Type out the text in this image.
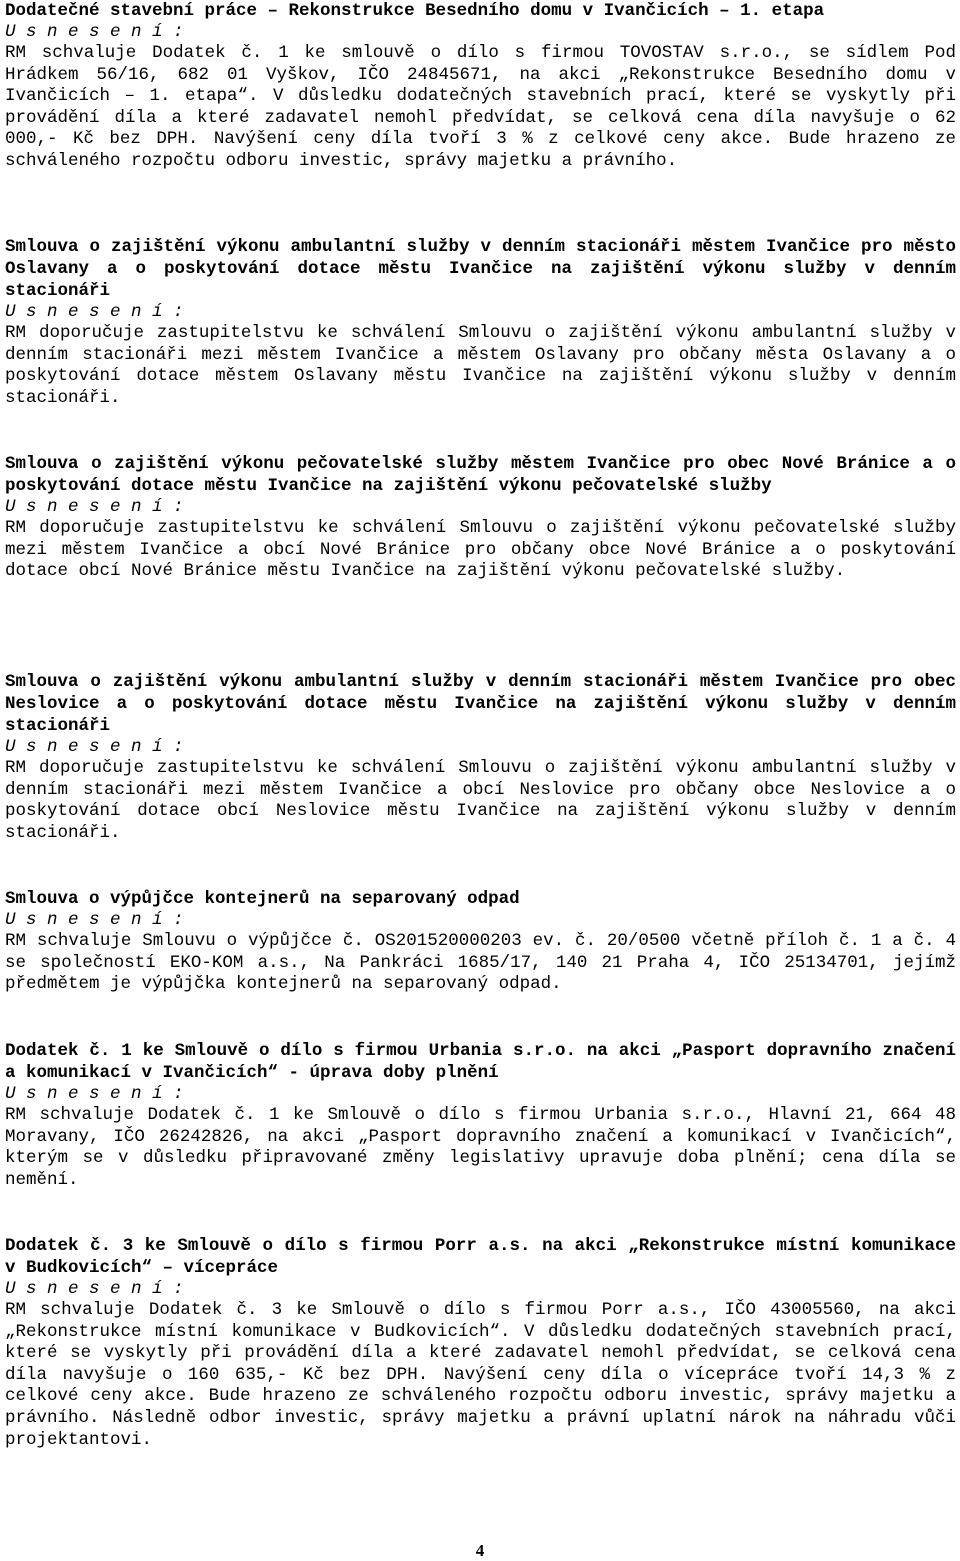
Dodatečné stavební práce – Rekonstrukce Besedního domu v Ivančicích – 1. etapa

U s n e s e n í :

RM schvaluje Dodatek č. 1 ke smlouvě o dílo s firmou TOVOSTAV s.r.o., se sídlem Pod Hrádkem 56/16, 682 01 Vyškov, IČO 24845671, na akci „Rekonstrukce Besedního domu v Ivančicích – 1. etapa“. V důsledku dodatečných stavebních prací, které se vyskytly při provádění díla a které zadavatel nemohl předvídat, se celková cena díla navyšuje o 62 000,- Kč bez DPH. Navýšení ceny díla tvoří 3 % z celkové ceny akce. Bude hrazeno ze schváleného rozpočtu odboru investic, správy majetku a právního.

Smlouva o zajištění výkonu ambulantní služby v denním stacionáři městem Ivančice pro město Oslavany a o poskytování dotace městu Ivančice na zajištění výkonu služby v denním stacionáři

U s n e s e n í :

RM doporučuje zastupitelstvu ke schválení Smlouvu o zajištění výkonu ambulantní služby v denním stacionáři mezi městem Ivančice a městem Oslavany pro občany města Oslavany a o poskytování dotace městem Oslavany městu Ivančice na zajištění výkonu služby v denním stacionáři.

Smlouva o zajištění výkonu pečovatelské služby městem Ivančice pro obec Nové Bránice a o poskytování dotace městu Ivančice na zajištění výkonu pečovatelské služby

U s n e s e n í :

RM doporučuje zastupitelstvu ke schválení Smlouvu o zajištění výkonu pečovatelské služby mezi městem Ivančice a obcí Nové Bránice pro občany obce Nové Bránice a o poskytování dotace obcí Nové Bránice městu Ivančice na zajištění výkonu pečovatelské služby.

Smlouva o zajištění výkonu ambulantní služby v denním stacionáři městem Ivančice pro obec Neslovice a o poskytování dotace městu Ivančice na zajištění výkonu služby v denním stacionáři

U s n e s e n í :

RM doporučuje zastupitelstvu ke schválení Smlouvu o zajištění výkonu ambulantní služby v denním stacionáři mezi městem Ivančice a obcí Neslovice pro občany obce Neslovice a o poskytování dotace obcí Neslovice městu Ivančice na zajištění výkonu služby v denním stacionáři.

Smlouva o výpůjčce kontejnerů na separovaný odpad

U s n e s e n í :

RM schvaluje Smlouvu o výpůjčce č. OS201520000203 ev. č. 20/0500 včetně příloh č. 1 a č. 4 se společností EKO-KOM a.s., Na Pankráci 1685/17, 140 21 Praha 4, IČO 25134701, jejímž předmětem je výpůjčka kontejnerů na separovaný odpad.

Dodatek č. 1 ke Smlouvě o dílo s firmou Urbania s.r.o. na akci „Pasport dopravního značení a komunikací v Ivančicích“ - úprava doby plnění

U s n e s e n í :

RM schvaluje Dodatek č. 1 ke Smlouvě o dílo s firmou Urbania s.r.o., Hlavní 21, 664 48 Moravany, IČO 26242826, na akci „Pasport dopravního značení a komunikací v Ivančicích“, kterým se v důsledku připravované změny legislativy upravuje doba plnění; cena díla se nemění.

Dodatek č. 3 ke Smlouvě o dílo s firmou Porr a.s. na akci „Rekonstrukce místní komunikace v Budkovicích“ – vícepráce

U s n e s e n í :

RM schvaluje Dodatek č. 3 ke Smlouvě o dílo s firmou Porr a.s., IČO 43005560, na akci „Rekonstrukce místní komunikace v Budkovicích“. V důsledku dodatečných stavebních prací, které se vyskytly při provádění díla a které zadavatel nemohl předvídat, se celková cena díla navyšuje o 160 635,- Kč bez DPH. Navýšení ceny díla o vícepráce tvoří 14,3 % z celkové ceny akce. Bude hrazeno ze schváleného rozpočtu odboru investic, správy majetku a právního. Následně odbor investic, správy majetku a právní uplatní nárok na náhradu vůči projektantovi.

4
